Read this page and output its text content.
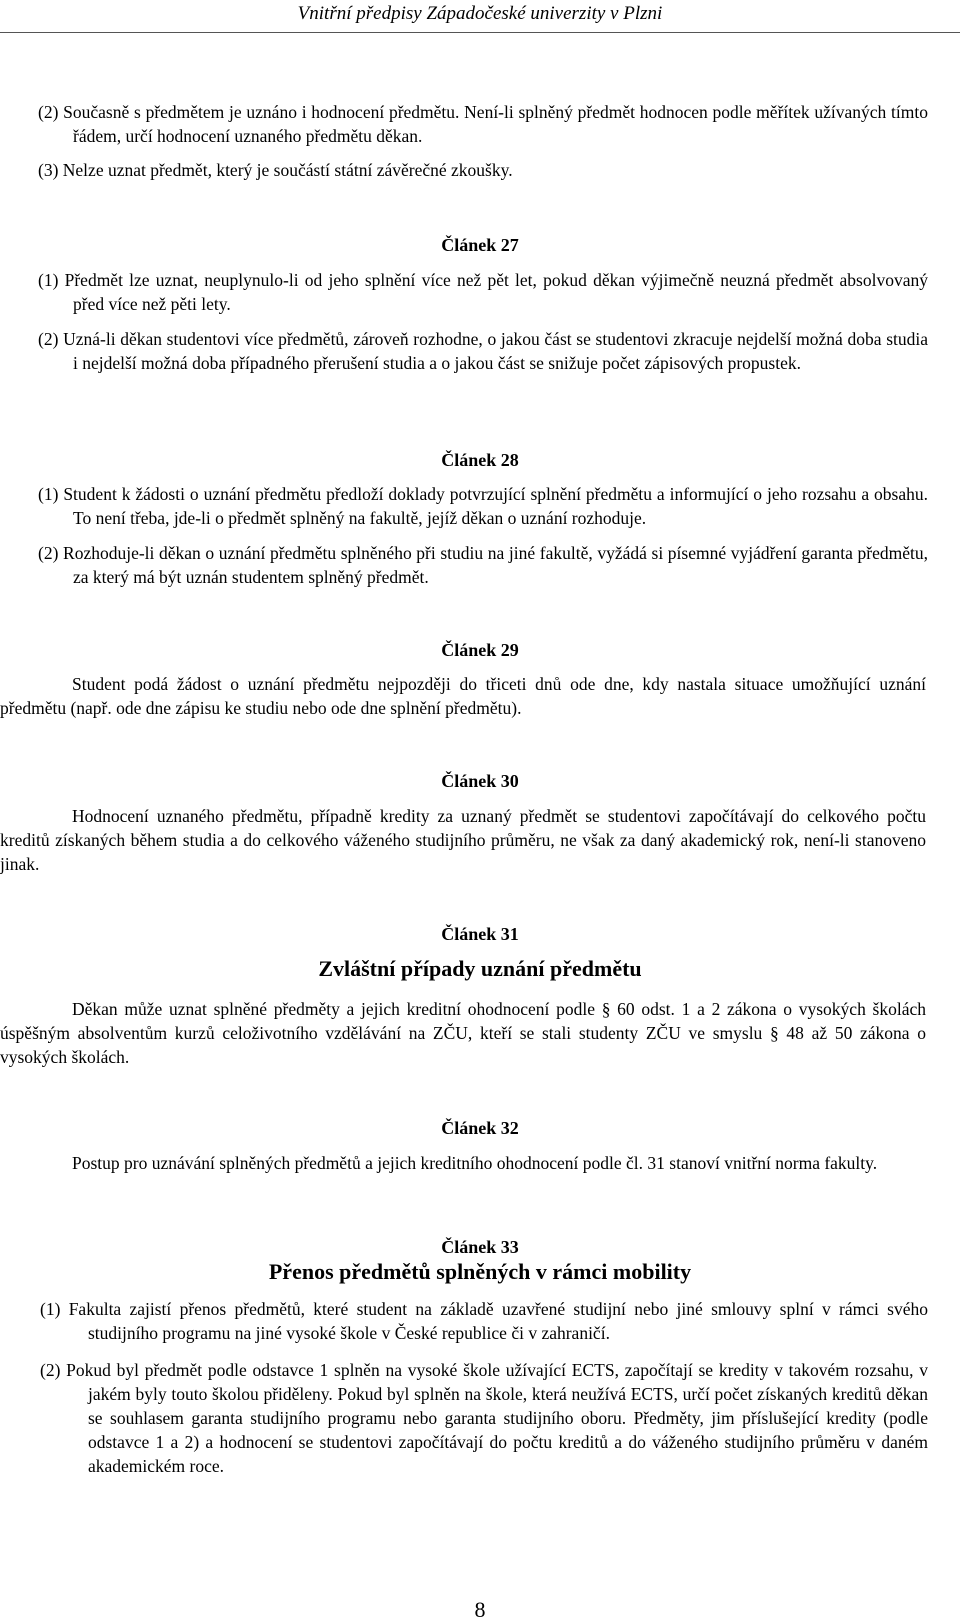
Vnitřní předpisy Západočeské univerzity v Plzni
(2) Současně s předmětem je uznáno i hodnocení předmětu. Není-li splněný předmět hodnocen podle měřítek užívaných tímto řádem, určí hodnocení uznaného předmětu děkan.
(3) Nelze uznat předmět, který je součástí státní závěrečné zkoušky.
Článek 27
(1) Předmět lze uznat, neuplynulo-li od jeho splnění více než pět let, pokud děkan výjimečně neuzná předmět absolvovaný před více než pěti lety.
(2) Uzná-li děkan studentovi více předmětů, zároveň rozhodne, o jakou část se studentovi zkracuje nejdelší možná doba studia i nejdelší možná doba případného přerušení studia a o jakou část se snižuje počet zápisových propustek.
Článek 28
(1) Student k žádosti o uznání předmětu předloží doklady potvrzující splnění předmětu a informující o jeho rozsahu a obsahu. To není třeba, jde-li o předmět splněný na fakultě, jejíž děkan o uznání rozhoduje.
(2) Rozhoduje-li děkan o uznání předmětu splněného při studiu na jiné fakultě, vyžádá si písemné vyjádření garanta předmětu, za který má být uznán studentem splněný předmět.
Článek 29
Student podá žádost o uznání předmětu nejpozději do třiceti dnů ode dne, kdy nastala situace umožňující uznání předmětu (např. ode dne zápisu ke studiu nebo ode dne splnění předmětu).
Článek 30
Hodnocení uznaného předmětu, případně kredity za uznaný předmět se studentovi započítávají do celkového počtu kreditů získaných během studia a do celkového váženého studijního průměru, ne však za daný akademický rok, není-li stanoveno jinak.
Článek 31
Zvláštní případy uznání předmětu
Děkan může uznat splněné předměty a jejich kreditní ohodnocení podle § 60 odst. 1 a 2 zákona o vysokých školách úspěšným absolventům kurzů celoživotního vzdělávání na ZČU, kteří se stali studenty ZČU ve smyslu § 48 až 50 zákona o vysokých školách.
Článek 32
Postup pro uznávání splněných předmětů a jejich kreditního ohodnocení podle čl. 31 stanoví vnitřní norma fakulty.
Článek 33
Přenos předmětů splněných v rámci mobility
(1) Fakulta zajistí přenos předmětů, které student na základě uzavřené studijní nebo jiné smlouvy splní v rámci svého studijního programu na jiné vysoké škole v České republice či v zahraničí.
(2) Pokud byl předmět podle odstavce 1 splněn na vysoké škole užívající ECTS, započítají se kredity v takovém rozsahu, v jakém byly touto školou přiděleny. Pokud byl splněn na škole, která neužívá ECTS, určí počet získaných kreditů děkan se souhlasem garanta studijního programu nebo garanta studijního oboru. Předměty, jim příslušející kredity (podle odstavce 1 a 2) a hodnocení se studentovi započítávají do počtu kreditů a do váženého studijního průměru v daném akademickém roce.
8
